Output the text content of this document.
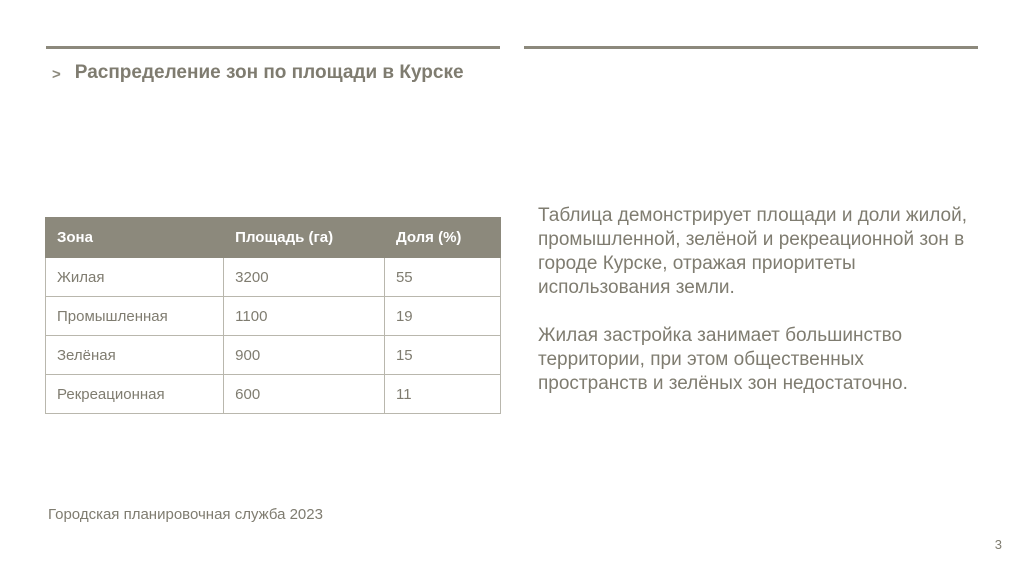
> Распределение зон по площади в Курске
Зона	Площадь (га)	Доля (%)
Жилая	3200	55
Промышленная	1100	19
Зелёная	900	15
Рекреационная	600	11

Таблица демонстрирует площади и доли жилой, промышленной, зелёной и рекреационной зон в городе Курске, отражая приоритеты использования земли.

Жилая застройка занимает большинство территории, при этом общественных пространств и зелёных зон недостаточно.

Городская планировочная служба 2023
3
